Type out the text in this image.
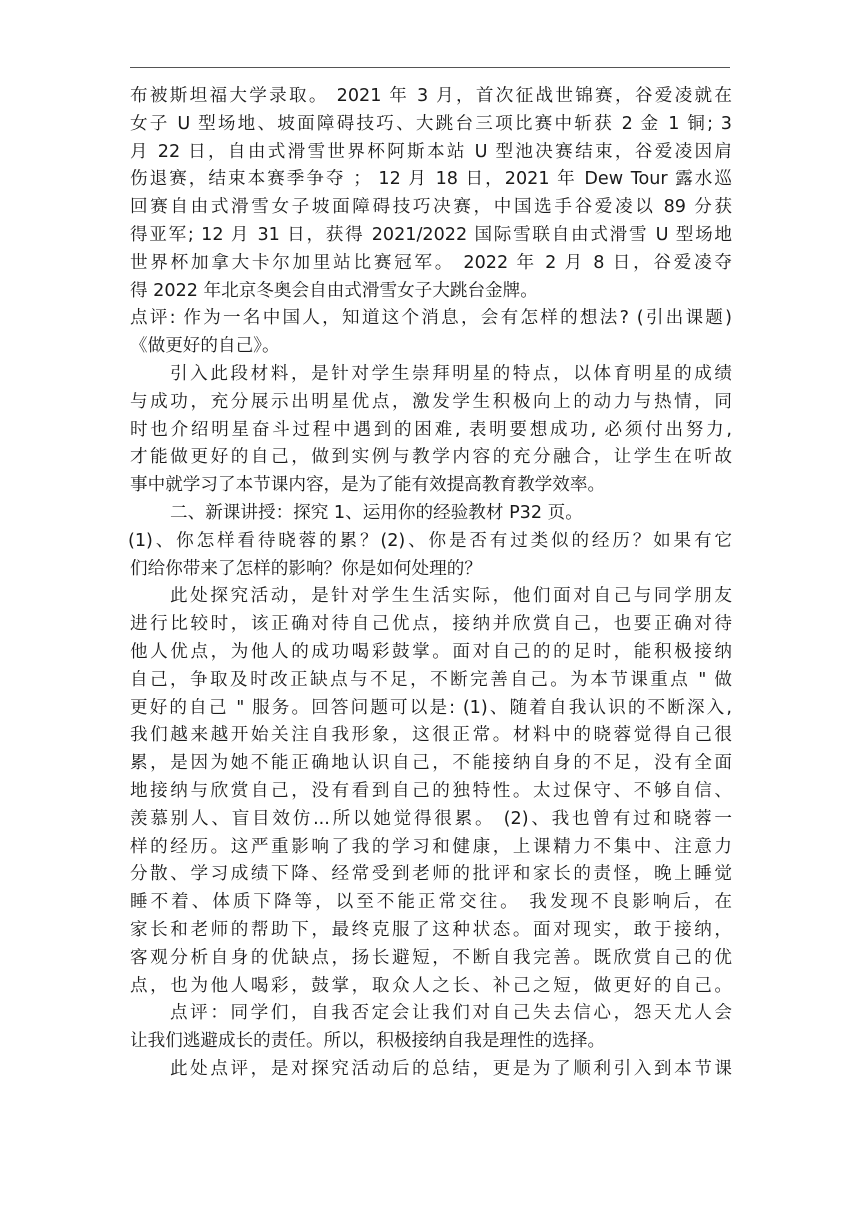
布被斯坦福大学录取。 2021 年 3 月，首次征战世锦赛，谷爱凌就在
女子 U 型场地、坡面障碍技巧、大跳台三项比赛中斩获 2 金 1 铜; 3
月 22 日，自由式滑雪世界杯阿斯本站 U 型池决赛结束，谷爱凌因肩
伤退赛，结束本赛季争夺 ； 12 月 18 日，2021 年 Dew Tour 露水巡
回赛自由式滑雪女子坡面障碍技巧决赛，中国选手谷爱凌以 89 分获
得亚军; 12 月 31 日，获得 2021/2022 国际雪联自由式滑雪 U 型场地
世界杯加拿大卡尔加里站比赛冠军。 2022 年 2 月 8 日，谷爱凌夺
得 2022 年北京冬奥会自由式滑雪女子大跳台金牌。
点评: 作为一名中国人，知道这个消息，会有怎样的想法? (引出课题)
《做更好的自己》。
引入此段材料，是针对学生崇拜明星的特点，以体育明星的成绩
与成功，充分展示出明星优点，激发学生积极向上的动力与热情，同
时也介绍明星奋斗过程中遇到的困难, 表明要想成功, 必须付出努力,
才能做更好的自己，做到实例与教学内容的充分融合，让学生在听故
事中就学习了本节课内容，是为了能有效提高教育教学效率。
二、新课讲授：探究 1、运用你的经验教材 P32 页。
(1)、你怎样看待晓蓉的累？(2)、你是否有过类似的经历？如果有它
们给你带来了怎样的影响？你是如何处理的？
此处探究活动，是针对学生生活实际，他们面对自己与同学朋友
进行比较时，该正确对待自己优点，接纳并欣赏自己，也要正确对待
他人优点，为他人的成功喝彩鼓掌。面对自己的的足时，能积极接纳
自己，争取及时改正缺点与不足，不断完善自己。为本节课重点 " 做
更好的自己 " 服务。回答问题可以是: (1)、随着自我认识的不断深入,
我们越来越开始关注自我形象，这很正常。材料中的晓蓉觉得自己很
累，是因为她不能正确地认识自己，不能接纳自身的不足，没有全面
地接纳与欣赏自己，没有看到自己的独特性。太过保守、不够自信、
羡慕别人、盲目效仿...所以她觉得很累。 (2)、我也曾有过和晓蓉一
样的经历。这严重影响了我的学习和健康，上课精力不集中、注意力
分散、学习成绩下降、经常受到老师的批评和家长的责怪，晚上睡觉
睡不着、体质下降等，以至不能正常交往。 我发现不良影响后，在
家长和老师的帮助下，最终克服了这种状态。面对现实，敢于接纳，
客观分析自身的优缺点，扬长避短，不断自我完善。既欣赏自己的优
点，也为他人喝彩，鼓掌，取众人之长、补己之短，做更好的自己。
点评：同学们，自我否定会让我们对自己失去信心，怨天尤人会
让我们逃避成长的责任。所以，积极接纳自我是理性的选择。
此处点评，是对探究活动后的总结，更是为了顺利引入到本节课
